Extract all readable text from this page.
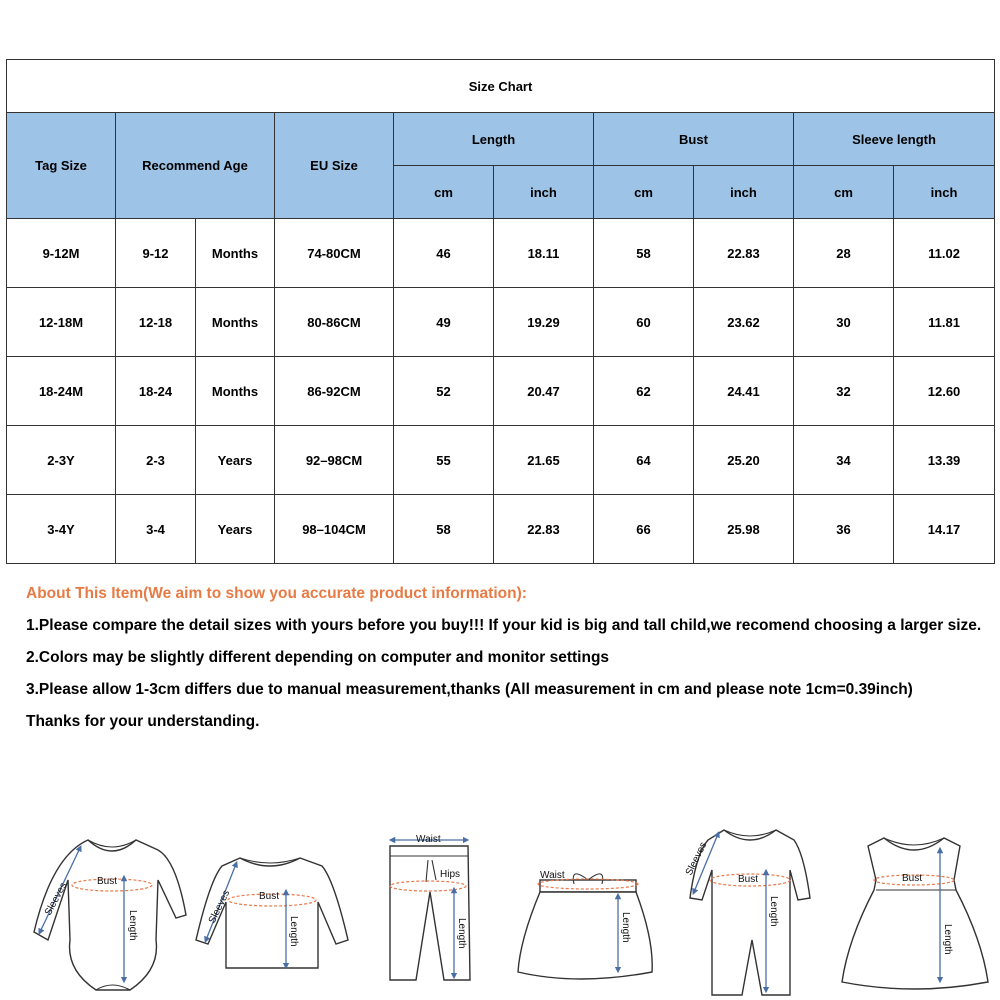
Size Chart									
Tag Size	Recommend Age		EU Size	Length		Bust		Sleeve length	
				cm	inch	cm	inch	cm	inch
9-12M	9-12	Months	74-80CM	46	18.11	58	22.83	28	11.02
12-18M	12-18	Months	80-86CM	49	19.29	60	23.62	30	11.81
18-24M	18-24	Months	86-92CM	52	20.47	62	24.41	32	12.60
2-3Y	2-3	Years	92–98CM	55	21.65	64	25.20	34	13.39
3-4Y	3-4	Years	98–104CM	58	22.83	66	25.98	36	14.17

About This Item(We aim to show you accurate product information):

1.Please compare the detail sizes with yours before you buy!!! If your kid is big and tall child,we recomend choosing a larger size.

2.Colors may be slightly different depending on computer and monitor settings

3.Please allow 1-3cm differs due to manual measurement,thanks (All measurement in cm and please note 1cm=0.39inch)

Thanks for your understanding.

Bust
Length
Sleeves	Bust
Length
Sleeves
Waist
Hips
Length
Waist
Length
Bust
Length
Sleeves
Bust
Length
